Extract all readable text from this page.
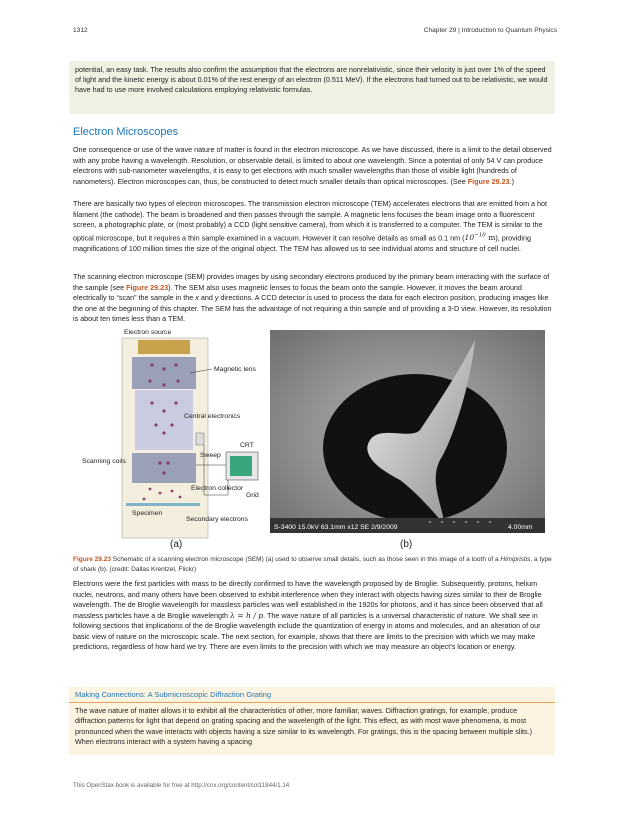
1312	Chapter 29 | Introduction to Quantum Physics

potential, an easy task. The results also confirm the assumption that the electrons are nonrelativistic, since their velocity is just over 1% of the speed of light and the kinetic energy is about 0.01% of the rest energy of an electron (0.511 MeV). If the electrons had turned out to be relativistic, we would have had to use more involved calculations employing relativistic formulas.

Electron Microscopes

One consequence or use of the wave nature of matter is found in the electron microscope. As we have discussed, there is a limit to the detail observed with any probe having a wavelength. Resolution, or observable detail, is limited to about one wavelength. Since a potential of only 54 V can produce electrons with sub-nanometer wavelengths, it is easy to get electrons with much smaller wavelengths than those of visible light (hundreds of nanometers). Electron microscopes can, thus, be constructed to detect much smaller details than optical microscopes. (See Figure 29.23.)

There are basically two types of electron microscopes. The transmission electron microscope (TEM) accelerates electrons that are emitted from a hot filament (the cathode). The beam is broadened and then passes through the sample. A magnetic lens focuses the beam image onto a fluorescent screen, a photographic plate, or (most probably) a CCD (light sensitive camera), from which it is transferred to a computer. The TEM is similar to the optical microscope, but it requires a thin sample examined in a vacuum. However it can resolve details as small as 0.1 nm ($10^{-10}$ m), providing magnifications of 100 million times the size of the original object. The TEM has allowed us to see individual atoms and structure of cell nuclei.

The scanning electron microscope (SEM) provides images by using secondary electrons produced by the primary beam interacting with the surface of the sample (see Figure 29.23). The SEM also uses magnetic lenses to focus the beam onto the sample. However, it moves the beam around electrically to “scan” the sample in the x and y directions. A CCD detector is used to process the data for each electron position, producing images like the one at the beginning of this chapter. The SEM has the advantage of not requiring a thin sample and of providing a 3-D view. However, its resolution is about ten times less than a TEM.

Electron source
Specimen
Magnetic lens
Central electronics
CRT
Sweep
Scanning coils
Electron collector
Grid
Secondary electrons
S-3400 15.0kV 63.1mm x12 SE 2/9/2009	4.00mm
(a)	(b)
Figure 29.23 Schematic of a scanning electron microscope (SEM) (a) used to observe small details, such as those seen in this image of a tooth of a Himipristis, a type of shark (b). (credit: Dallas Krentzel, Flickr)

Electrons were the first particles with mass to be directly confirmed to have the wavelength proposed by de Broglie. Subsequently, protons, helium nuclei, neutrons, and many others have been observed to exhibit interference when they interact with objects having sizes similar to their de Broglie wavelength. The de Broglie wavelength for massless particles was well established in the 1920s for photons, and it has since been observed that all massless particles have a de Broglie wavelength λ = h / p. The wave nature of all particles is a universal characteristic of nature. We shall see in following sections that implications of the de Broglie wavelength include the quantization of energy in atoms and molecules, and an alteration of our basic view of nature on the microscopic scale. The next section, for example, shows that there are limits to the precision with which we may make predictions, regardless of how hard we try. There are even limits to the precision with which we may measure an object’s location or energy.

Making Connections: A Submicroscopic Diffraction Grating

The wave nature of matter allows it to exhibit all the characteristics of other, more familiar, waves. Diffraction gratings, for example, produce diffraction patterns for light that depend on grating spacing and the wavelength of the light. This effect, as with most wave phenomena, is most pronounced when the wave interacts with objects having a size similar to its wavelength. For gratings, this is the spacing between multiple slits.) When electrons interact with a system having a spacing

This OpenStax book is available for free at http://cnx.org/content/col11844/1.14
